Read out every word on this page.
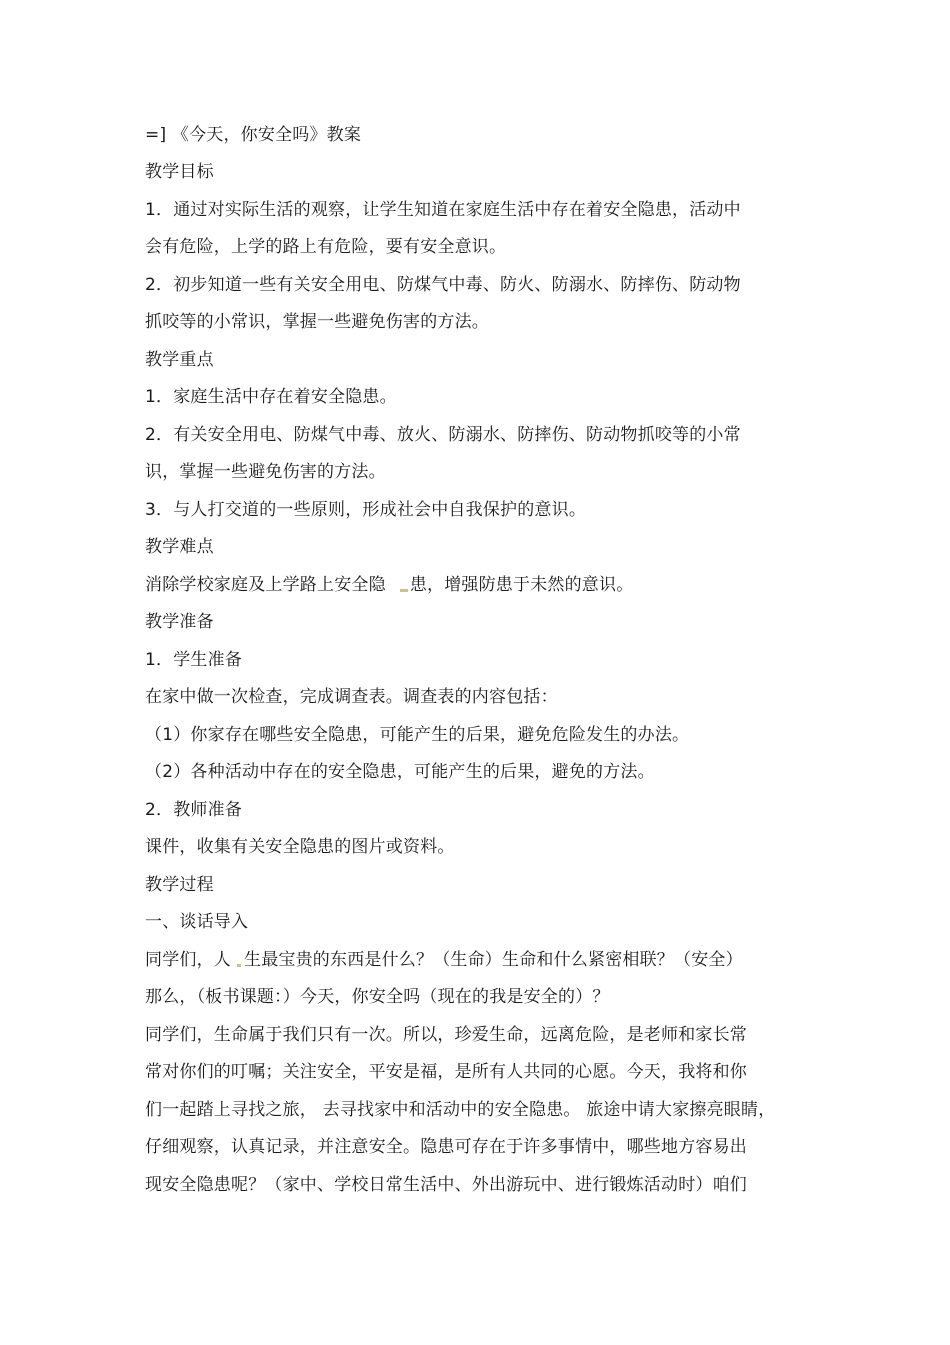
=] 《今天，你安全吗》教案
教学目标
1．通过对实际生活的观察，让学生知道在家庭生活中存在着安全隐患，活动中
会有危险，上学的路上有危险，要有安全意识。
2．初步知道一些有关安全用电、防煤气中毒、防火、防溺水、防摔伤、防动物
抓咬等的小常识，掌握一些避免伤害的方法。
教学重点
1．家庭生活中存在着安全隐患。
2．有关安全用电、防煤气中毒、放火、防溺水、防摔伤、防动物抓咬等的小常
识，掌握一些避免伤害的方法。
3．与人打交道的一些原则，形成社会中自我保护的意识。
教学难点
消除学校家庭及上学路上安全隐 患，增强防患于未然的意识。
教学准备
1．学生准备
在家中做一次检查，完成调查表。调查表的内容包括：
（1）你家存在哪些安全隐患，可能产生的后果，避免危险发生的办法。
（2）各种活动中存在的安全隐患，可能产生的后果，避免的方法。
2．教师准备
课件，收集有关安全隐患的图片或资料。
教学过程
一、谈话导入
同学们，人 生最宝贵的东西是什么？（生命）生命和什么紧密相联？（安全）
那么，（板书课题：）今天，你安全吗（现在的我是安全的）？
同学们，生命属于我们只有一次。所以，珍爱生命，远离危险，是老师和家长常
常对你们的叮嘱；关注安全，平安是福，是所有人共同的心愿。今天，我将和你
们一起踏上寻找之旅， 去寻找家中和活动中的安全隐患。 旅途中请大家擦亮眼睛，
仔细观察，认真记录，并注意安全。隐患可存在于许多事情中，哪些地方容易出
现安全隐患呢？（家中、学校日常生活中、外出游玩中、进行锻炼活动时）咱们
